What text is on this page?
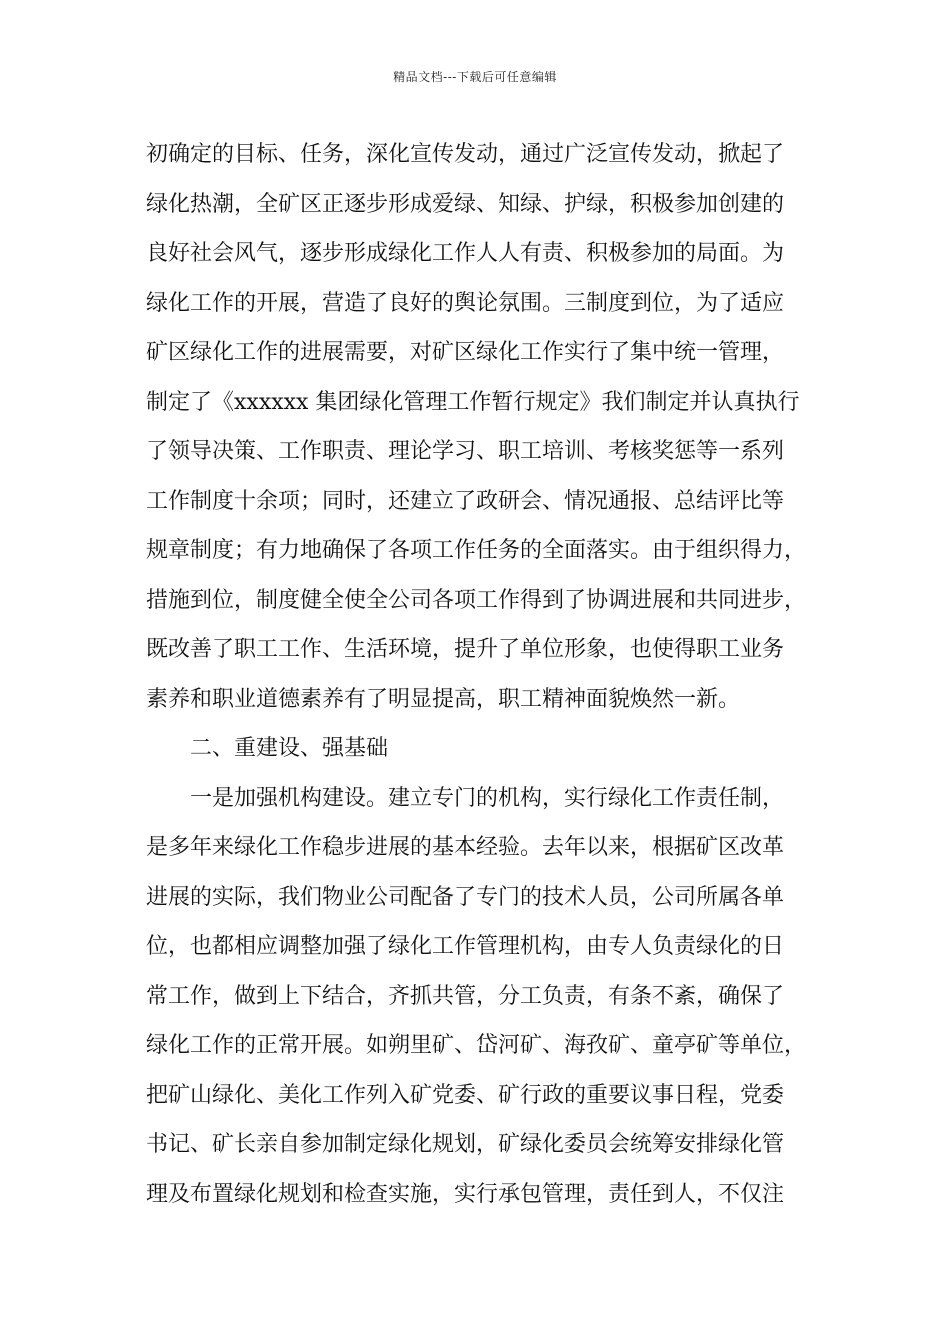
精品文档---下载后可任意编辑
初确定的目标、任务，深化宣传发动，通过广泛宣传发动，掀起了
绿化热潮，全矿区正逐步形成爱绿、知绿、护绿，积极参加创建的
良好社会风气，逐步形成绿化工作人人有责、积极参加的局面。为
绿化工作的开展，营造了良好的舆论氛围。三制度到位，为了适应
矿区绿化工作的进展需要，对矿区绿化工作实行了集中统一管理，
制定了《xxxxxx 集团绿化管理工作暂行规定》我们制定并认真执行
了领导决策、工作职责、理论学习、职工培训、考核奖惩等一系列
工作制度十余项；同时，还建立了政研会、情况通报、总结评比等
规章制度；有力地确保了各项工作任务的全面落实。由于组织得力，
措施到位，制度健全使全公司各项工作得到了协调进展和共同进步，
既改善了职工工作、生活环境，提升了单位形象，也使得职工业务
素养和职业道德素养有了明显提高，职工精神面貌焕然一新。
二、重建设、强基础
一是加强机构建设。建立专门的机构，实行绿化工作责任制，
是多年来绿化工作稳步进展的基本经验。去年以来，根据矿区改革
进展的实际，我们物业公司配备了专门的技术人员，公司所属各单
位，也都相应调整加强了绿化工作管理机构，由专人负责绿化的日
常工作，做到上下结合，齐抓共管，分工负责，有条不紊，确保了
绿化工作的正常开展。如朔里矿、岱河矿、海孜矿、童亭矿等单位，
把矿山绿化、美化工作列入矿党委、矿行政的重要议事日程，党委
书记、矿长亲自参加制定绿化规划，矿绿化委员会统筹安排绿化管
理及布置绿化规划和检查实施，实行承包管理，责任到人，不仅注
